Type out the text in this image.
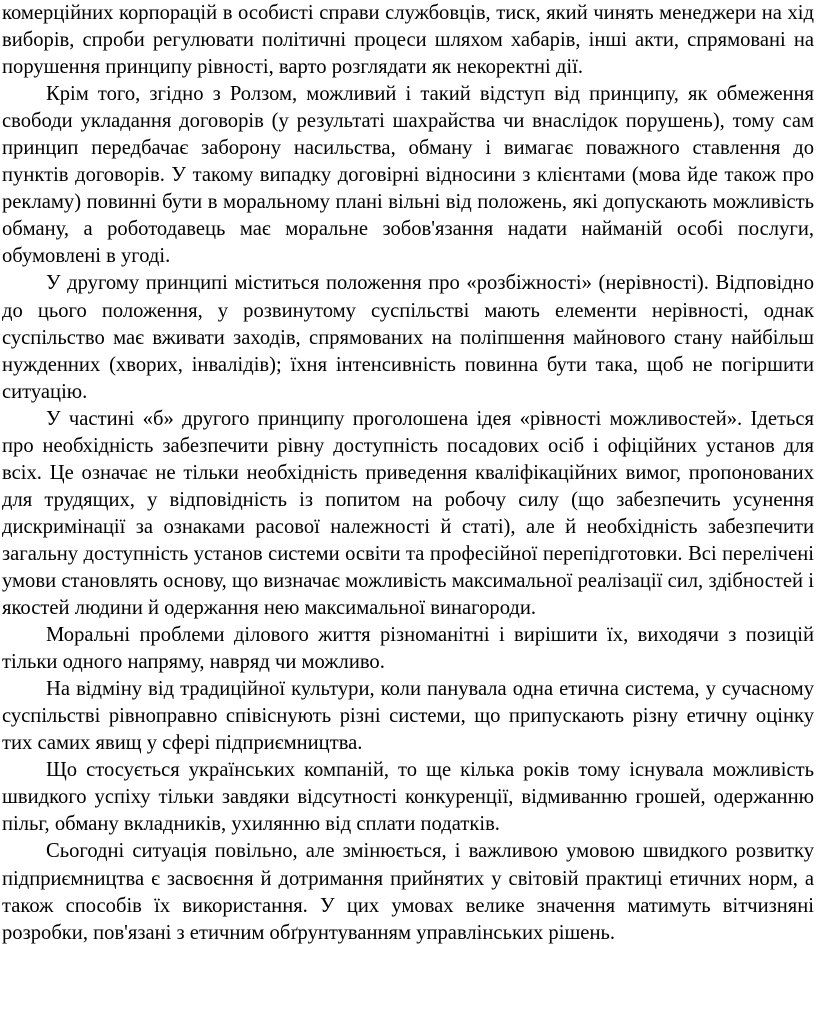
комерційних корпорацій в особисті справи службовців, тиск, який чинять менеджери на хід виборів, спроби регулювати політичні процеси шляхом хабарів, інші акти, спрямовані на порушення принципу рівності, варто розглядати як некоректні дії.

Крім того, згідно з Ролзом, можливий і такий відступ від принципу, як обмеження свободи укладання договорів (у результаті шахрайства чи внаслідок порушень), тому сам принцип передбачає заборону насильства, обману і вимагає поважного ставлення до пунктів договорів. У такому випадку договірні відносини з клієнтами (мова йде також про рекламу) повинні бути в моральному плані вільні від положень, які допускають можливість обману, а роботодавець має моральне зобов'язання надати найманій особі послуги, обумовлені в угоді.

У другому принципі міститься положення про «розбіжності» (нерівності). Відповідно до цього положення, у розвинутому суспільстві мають елементи нерівності, однак суспільство має вживати заходів, спрямованих на поліпшення майнового стану найбільш нужденних (хворих, інвалідів); їхня інтенсивність повинна бути така, щоб не погіршити ситуацію.

У частині «б» другого принципу проголошена ідея «рівності можливостей». Ідеться про необхідність забезпечити рівну доступність посадових осіб і офіційних установ для всіх. Це означає не тільки необхідність приведення кваліфікаційних вимог, пропонованих для трудящих, у відповідність із попитом на робочу силу (що забезпечить усунення дискримінації за ознаками расової належності й статі), але й необхідність забезпечити загальну доступність установ системи освіти та професійної перепідготовки. Всі перелічені умови становлять основу, що визначає можливість максимальної реалізації сил, здібностей і якостей людини й одержання нею максимальної винагороди.

Моральні проблеми ділового життя різноманітні і вирішити їх, виходячи з позицій тільки одного напряму, навряд чи можливо.

На відміну від традиційної культури, коли панувала одна етична система, у сучасному суспільстві рівноправно співіснують різні системи, що припускають різну етичну оцінку тих самих явищ у сфері підприємництва.

Що стосується українських компаній, то ще кілька років тому існувала можливість швидкого успіху тільки завдяки відсутності конкуренції, відмиванню грошей, одержанню пільг, обману вкладників, ухилянню від сплати податків.

Сьогодні ситуація повільно, але змінюється, і важливою умовою швидкого розвитку підприємництва є засвоєння й дотримання прийнятих у світовій практиці етичних норм, а також способів їх використання. У цих умовах велике значення матимуть вітчизняні розробки, пов'язані з етичним обґрунтуванням управлінських рішень.
